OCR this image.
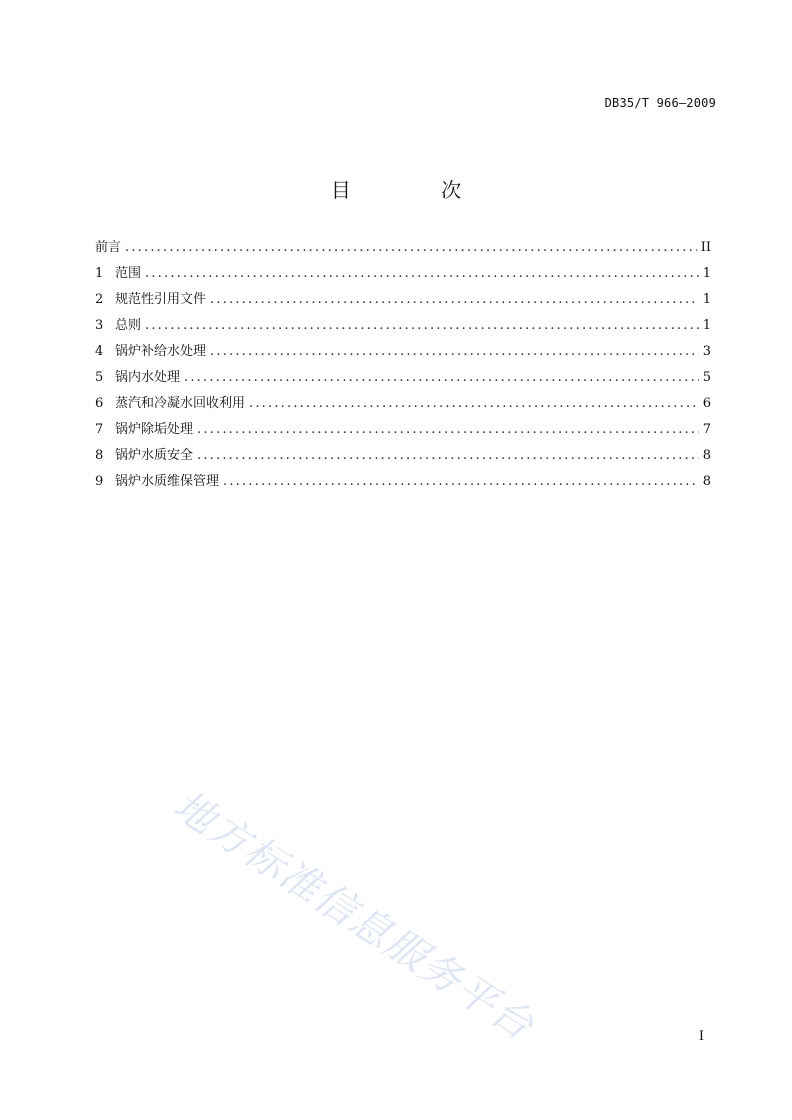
DB35/T 966—2009
目 次
前言 .....	II
1 范围 .....	1
2 规范性引用文件 .....	1
3 总则 .....	1
4 锅炉补给水处理 .....	3
5 锅内水处理 .....	5
6 蒸汽和冷凝水回收利用 .....	6
7 锅炉除垢处理 .....	7
8 锅炉水质安全 .....	8
9 锅炉水质维保管理 .....	8
地方标准信息服务平台	I
